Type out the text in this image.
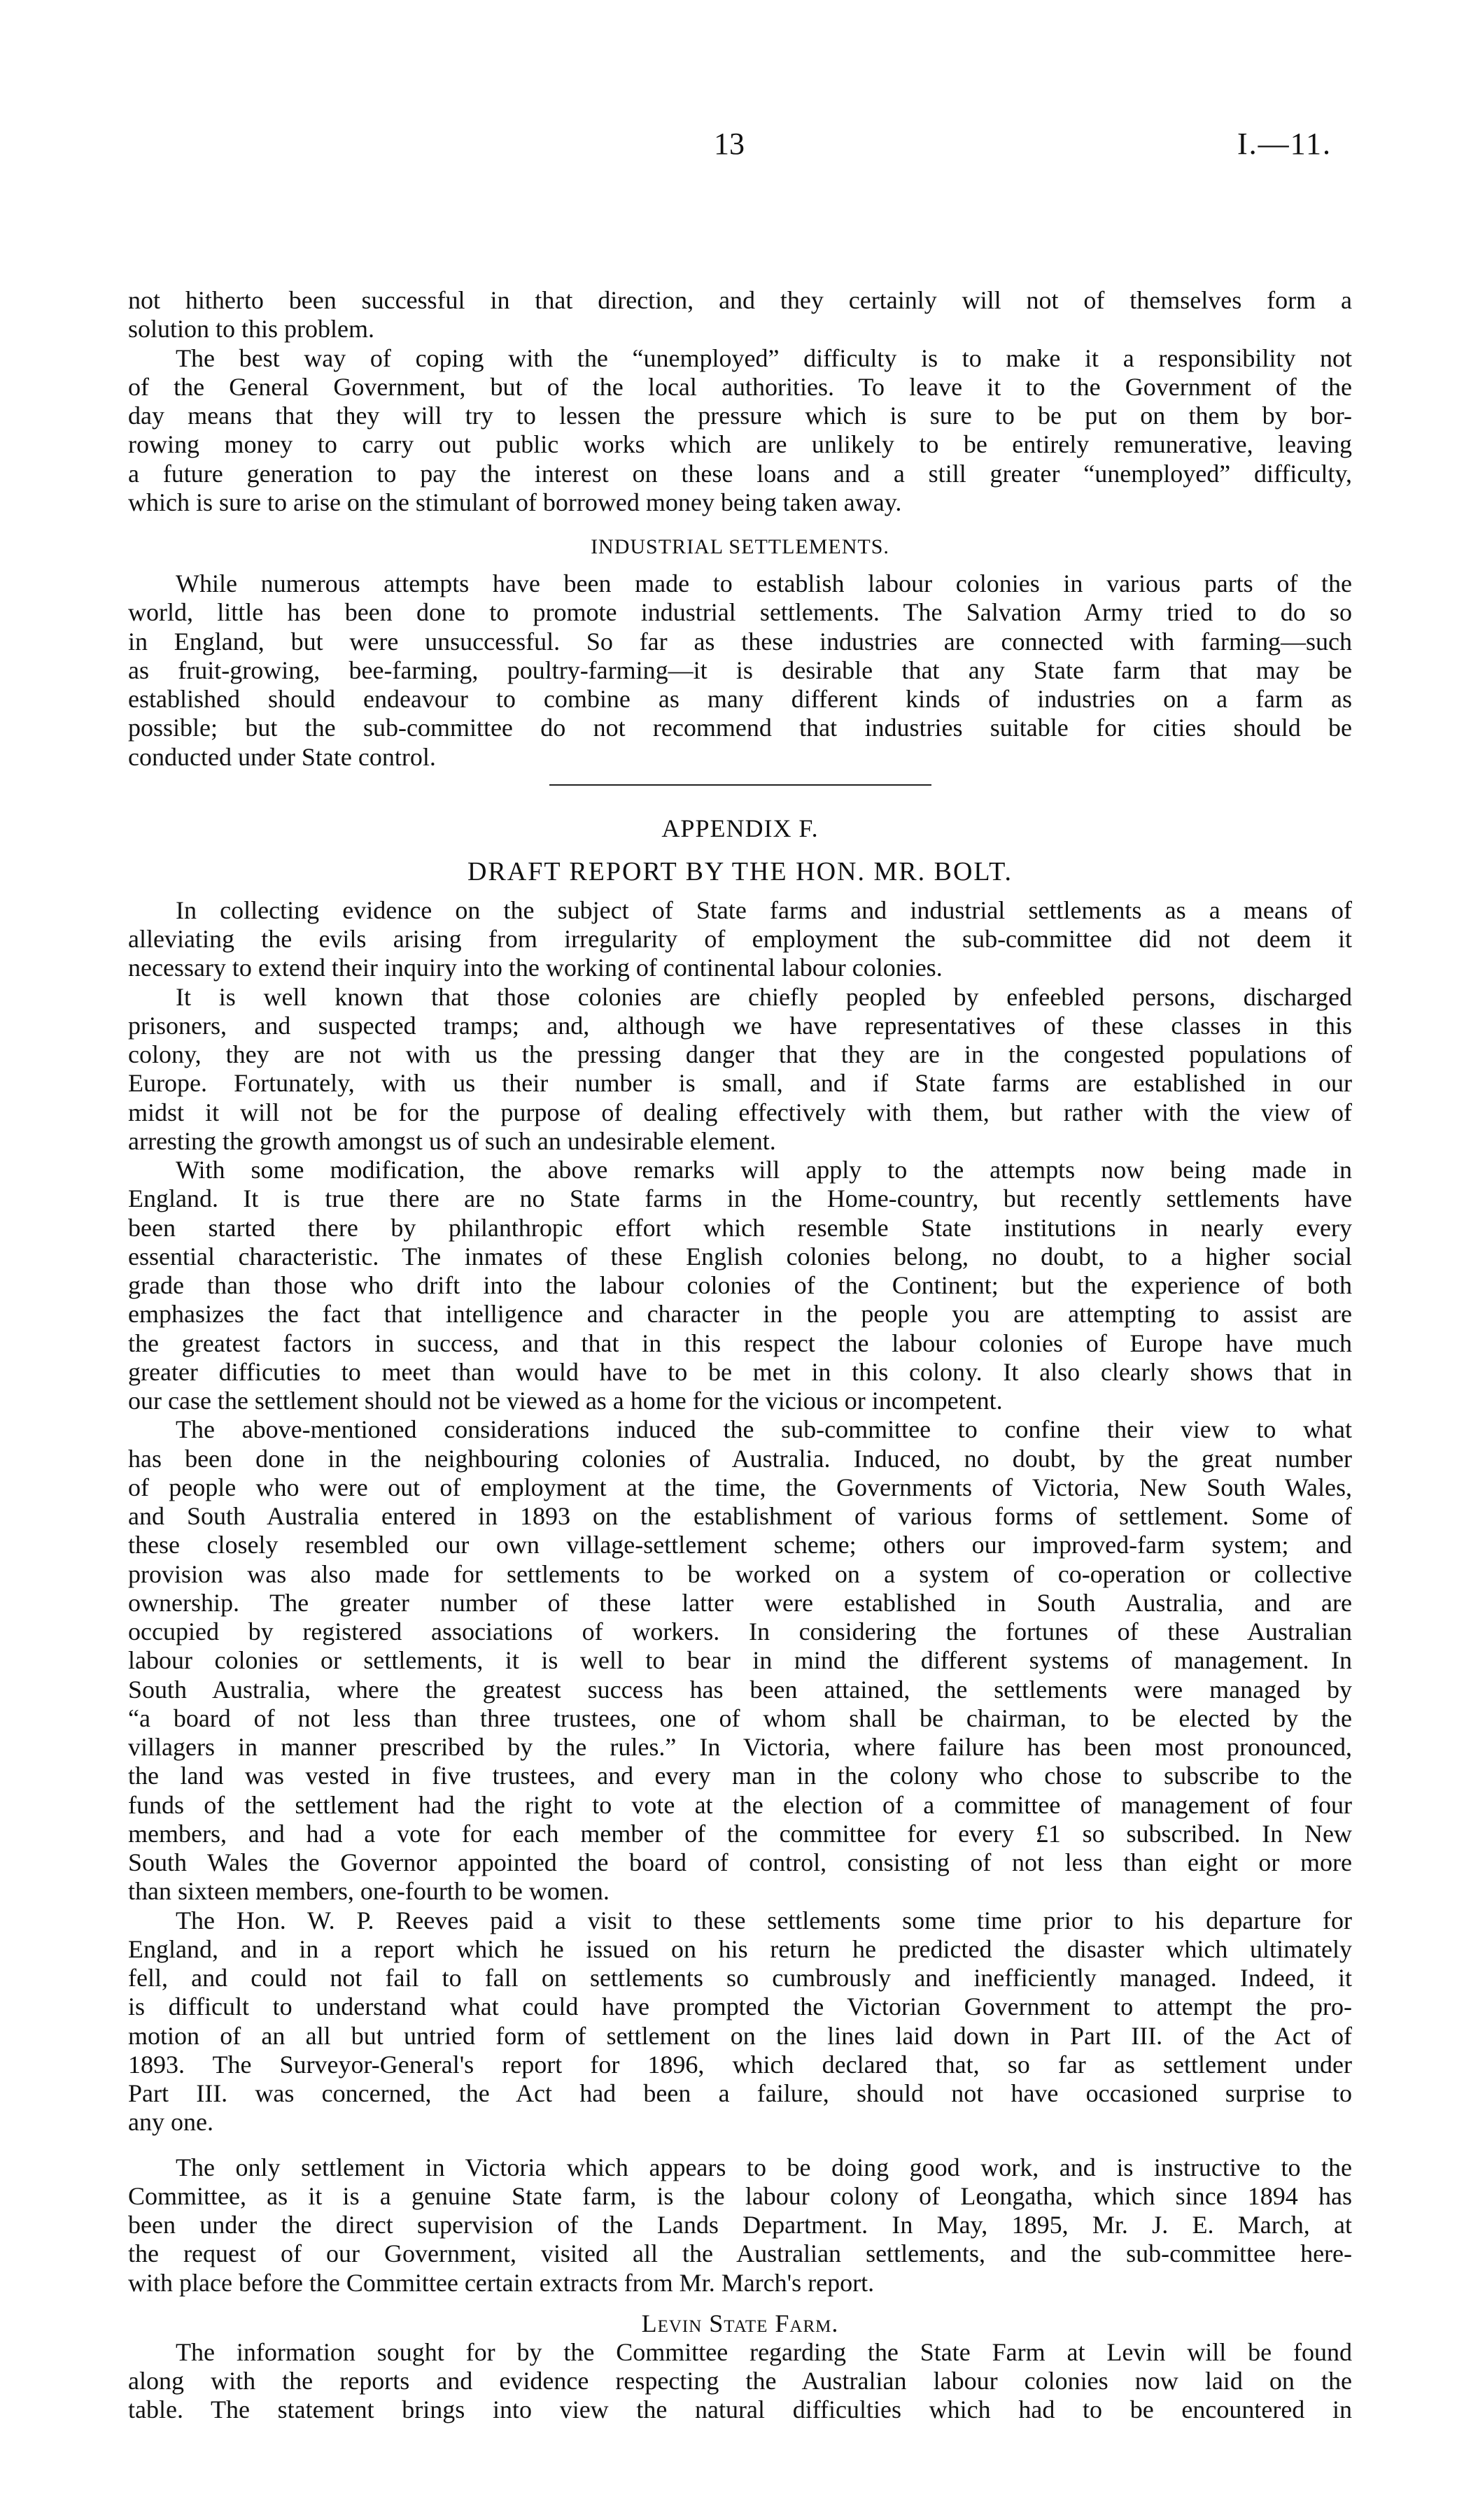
13	I.—11.
not hitherto been successful in that direction, and they certainly will not of themselves form a
solution to this problem.
The best way of coping with the “unemployed” difficulty is to make it a responsibility not
of the General Government, but of the local authorities. To leave it to the Government of the
day means that they will try to lessen the pressure which is sure to be put on them by bor-
rowing money to carry out public works which are unlikely to be entirely remunerative, leaving
a future generation to pay the interest on these loans and a still greater “unemployed” difficulty,
which is sure to arise on the stimulant of borrowed money being taken away.
INDUSTRIAL SETTLEMENTS.
While numerous attempts have been made to establish labour colonies in various parts of the
world, little has been done to promote industrial settlements. The Salvation Army tried to do so
in England, but were unsuccessful. So far as these industries are connected with farming—such
as fruit-growing, bee-farming, poultry-farming—it is desirable that any State farm that may be
established should endeavour to combine as many different kinds of industries on a farm as
possible; but the sub-committee do not recommend that industries suitable for cities should be
conducted under State control.
APPENDIX F.
DRAFT REPORT BY THE HON. MR. BOLT.
In collecting evidence on the subject of State farms and industrial settlements as a means of
alleviating the evils arising from irregularity of employment the sub-committee did not deem it
necessary to extend their inquiry into the working of continental labour colonies.
It is well known that those colonies are chiefly peopled by enfeebled persons, discharged
prisoners, and suspected tramps; and, although we have representatives of these classes in this
colony, they are not with us the pressing danger that they are in the congested populations of
Europe. Fortunately, with us their number is small, and if State farms are established in our
midst it will not be for the purpose of dealing effectively with them, but rather with the view of
arresting the growth amongst us of such an undesirable element.
With some modification, the above remarks will apply to the attempts now being made in
England. It is true there are no State farms in the Home-country, but recently settlements have
been started there by philanthropic effort which resemble State institutions in nearly every
essential characteristic. The inmates of these English colonies belong, no doubt, to a higher social
grade than those who drift into the labour colonies of the Continent; but the experience of both
emphasizes the fact that intelligence and character in the people you are attempting to assist are
the greatest factors in success, and that in this respect the labour colonies of Europe have much
greater difficuties to meet than would have to be met in this colony. It also clearly shows that in
our case the settlement should not be viewed as a home for the vicious or incompetent.
The above-mentioned considerations induced the sub-committee to confine their view to what
has been done in the neighbouring colonies of Australia. Induced, no doubt, by the great number
of people who were out of employment at the time, the Governments of Victoria, New South Wales,
and South Australia entered in 1893 on the establishment of various forms of settlement. Some of
these closely resembled our own village-settlement scheme; others our improved-farm system; and
provision was also made for settlements to be worked on a system of co-operation or collective
ownership. The greater number of these latter were established in South Australia, and are
occupied by registered associations of workers. In considering the fortunes of these Australian
labour colonies or settlements, it is well to bear in mind the different systems of management. In
South Australia, where the greatest success has been attained, the settlements were managed by
“a board of not less than three trustees, one of whom shall be chairman, to be elected by the
villagers in manner prescribed by the rules.” In Victoria, where failure has been most pronounced,
the land was vested in five trustees, and every man in the colony who chose to subscribe to the
funds of the settlement had the right to vote at the election of a committee of management of four
members, and had a vote for each member of the committee for every £1 so subscribed. In New
South Wales the Governor appointed the board of control, consisting of not less than eight or more
than sixteen members, one-fourth to be women.
The Hon. W. P. Reeves paid a visit to these settlements some time prior to his departure for
England, and in a report which he issued on his return he predicted the disaster which ultimately
fell, and could not fail to fall on settlements so cumbrously and inefficiently managed. Indeed, it
is difficult to understand what could have prompted the Victorian Government to attempt the pro-
motion of an all but untried form of settlement on the lines laid down in Part III. of the Act of
1893. The Surveyor-General's report for 1896, which declared that, so far as settlement under
Part III. was concerned, the Act had been a failure, should not have occasioned surprise to
any one.
The only settlement in Victoria which appears to be doing good work, and is instructive to the
Committee, as it is a genuine State farm, is the labour colony of Leongatha, which since 1894 has
been under the direct supervision of the Lands Department. In May, 1895, Mr. J. E. March, at
the request of our Government, visited all the Australian settlements, and the sub-committee here-
with place before the Committee certain extracts from Mr. March's report.
Levin State Farm.
The information sought for by the Committee regarding the State Farm at Levin will be found
along with the reports and evidence respecting the Australian labour colonies now laid on the
table. The statement brings into view the natural difficulties which had to be encountered in
